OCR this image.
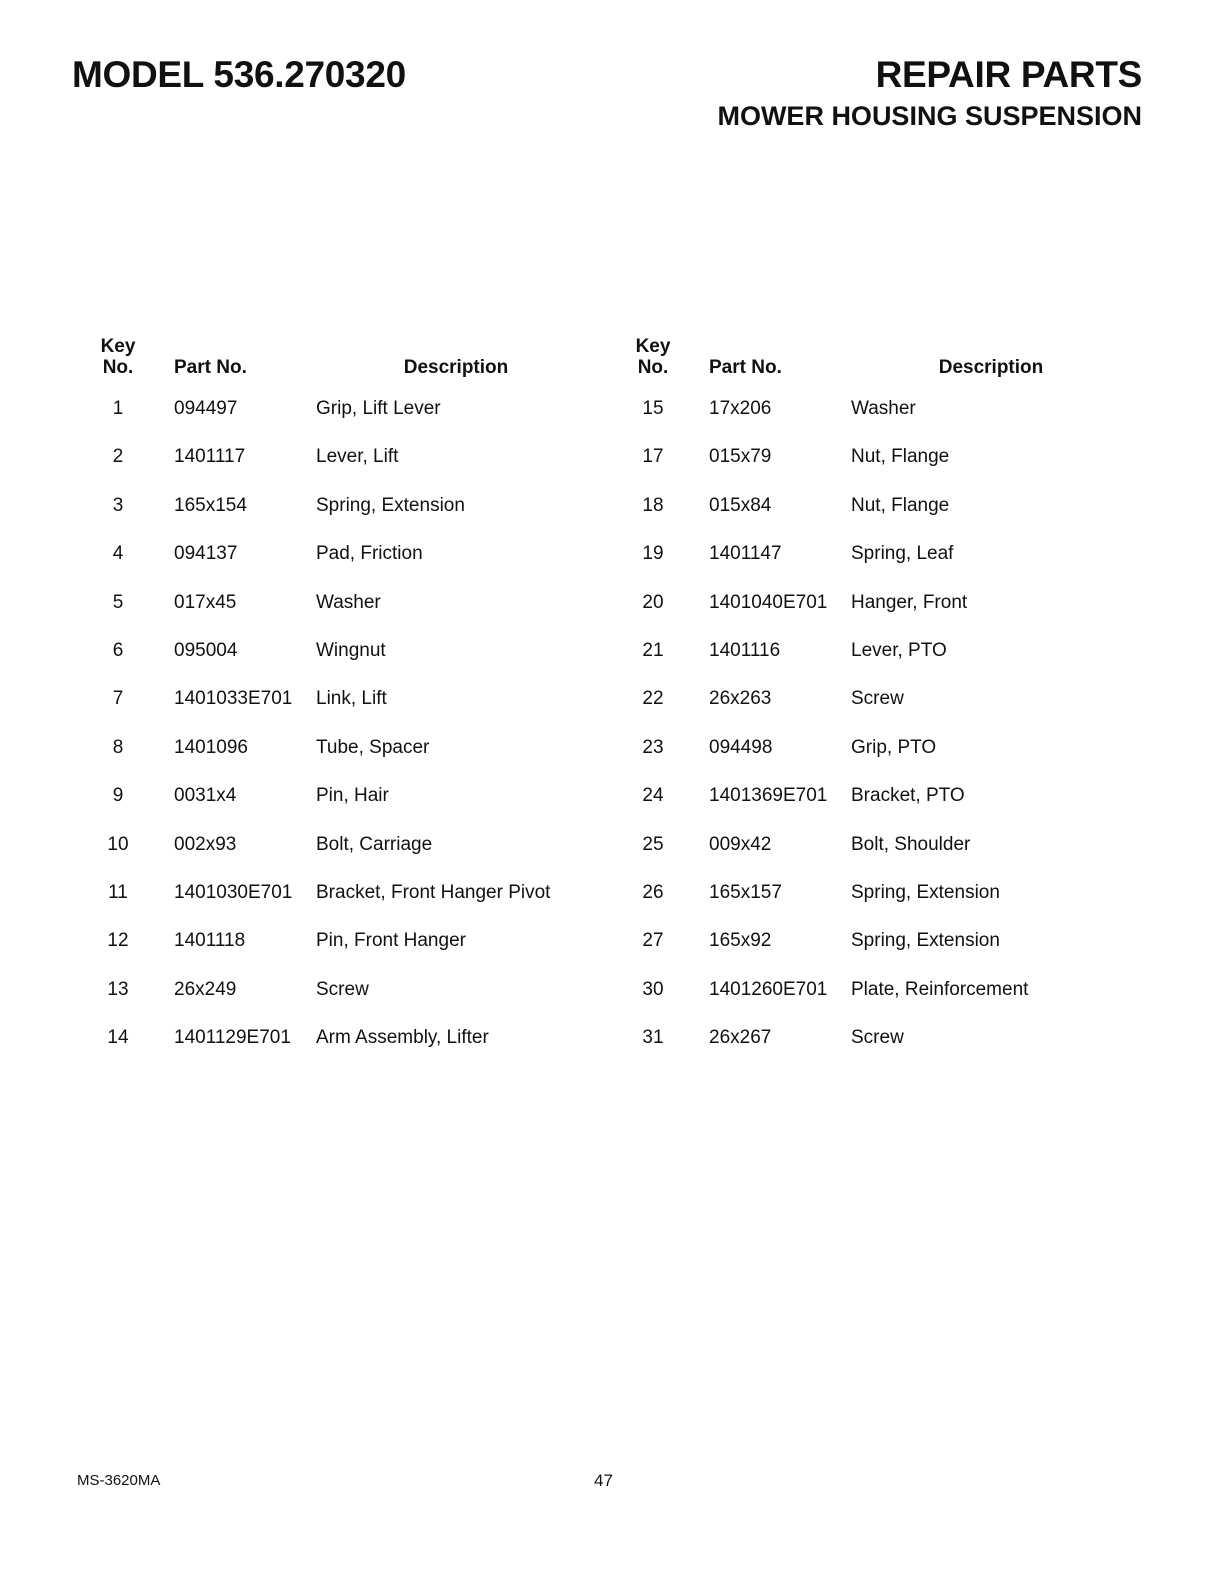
MODEL 536.270320	REPAIR PARTS
MOWER HOUSING SUSPENSION
Key
No. Part No.	Description
1	094497	Grip, Lift Lever
2	1401117	Lever, Lift
3	165x154	Spring, Extension
4	094137	Pad, Friction
5	017x45	Washer
6	095004	Wingnut
7	1401033E701 Link, Lift
8	1401096	Tube, Spacer
9	0031x4	Pin, Hair
10	002x93	Bolt, Carriage
11	1401030E701 Bracket, Front Hanger Pivot
12	1401118	Pin, Front Hanger
13	26x249	Screw
14	1401129E701 Arm Assembly, Lifter
Key
No. Part No.	Description
15	17x206	Washer
17	015x79	Nut, Flange
18	015x84	Nut, Flange
19	1401147	Spring, Leaf
20	1401040E701 Hanger, Front
21	1401116	Lever, PTO
22	26x263	Screw
23	094498	Grip, PTO
24	1401369E701 Bracket, PTO
25	009x42	Bolt, Shoulder
26	165x157	Spring, Extension
27	165x92	Spring, Extension
30	1401260E701 Plate, Reinforcement
31	26x267	Screw
MS-3620MA	47
